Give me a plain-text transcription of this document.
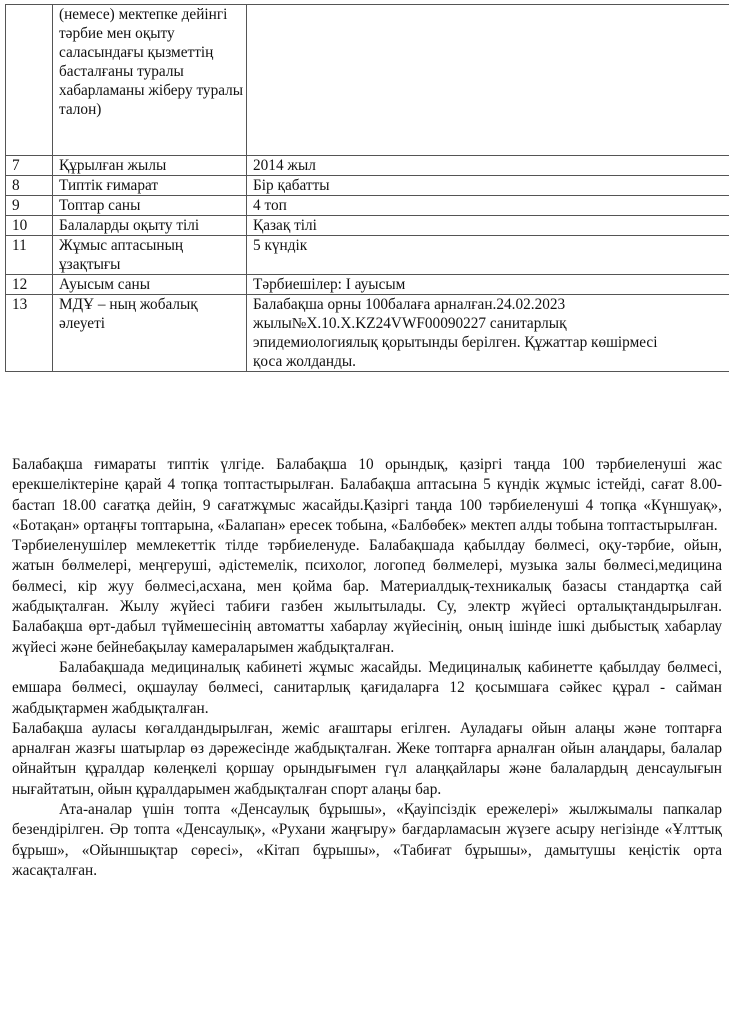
	(немесе) мектепке дейінгі тәрбие мен оқыту саласындағы қызметтің басталғаны туралы хабарламаны жіберу туралы талон)	
7	Құрылған жылы	2014 жыл
8	Типтік ғимарат	Бір қабатты
9	Топтар саны	4 топ
10	Балаларды оқыту тілі	Қазақ тілі
11	Жұмыс аптасының ұзақтығы	5 күндік
12	Ауысым саны	Тәрбиешілер: І ауысым
13	МДҰ – ның жобалық әлеуеті	Балабақша орны 100балаға арналған.24.02.2023 жылы№X.10.X.KZ24VWF00090227 санитарлық эпидемиологиялық қорытынды берілген. Құжаттар көшірмесі қоса жолданды.

Балабақша ғимараты типтік үлгіде. Балабақша 10 орындық, қазіргі таңда 100 тәрбиеленуші жас ерекшеліктеріне қарай 4 топқа топтастырылған. Балабақша аптасына 5 күндік жұмыс істейді, сағат 8.00-бастап 18.00 сағатқа дейін, 9 сағатжұмыс жасайды.Қазіргі таңда 100 тәрбиеленуші 4 топқа «Күншуақ», «Ботақан» ортаңғы топтарына, «Балапан» ересек тобына, «Балбөбек» мектеп алды тобына топтастырылған.

Тәрбиеленушілер мемлекеттік тілде тәрбиеленуде. Балабақшада қабылдау бөлмесі, оқу-тәрбие, ойын, жатын бөлмелері, меңгеруші, әдістемелік, психолог, логопед бөлмелері, музыка залы бөлмесі,медицина бөлмесі, кір жуу бөлмесі,асхана, мен қойма бар. Материалдық-техникалық базасы стандартқа сай жабдықталған. Жылу жүйесі табиғи газбен жылытылады. Су, электр жүйесі орталықтандырылған. Балабақша өрт-дабыл түймешесінің автоматты хабарлау жүйесінің, оның ішінде ішкі дыбыстық хабарлау жүйесі және бейнебақылау камераларымен жабдықталған.

Балабақшада медициналық кабинеті жұмыс жасайды. Медициналық кабинетте қабылдау бөлмесі, емшара бөлмесі, оқшаулау бөлмесі, санитарлық қағидаларға 12 қосымшаға сәйкес құрал - сайман жабдықтармен жабдықталған.

Балабақша ауласы көгалдандырылған, жеміс ағаштары егілген. Ауладағы ойын алаңы және топтарға арналған жазғы шатырлар өз дәрежесінде жабдықталған. Жеке топтарға арналған ойын алаңдары, балалар ойнайтын құралдар көлеңкелі қоршау орындығымен гүл алаңқайлары және балалардың денсаулығын нығайтатын, ойын құралдарымен жабдықталған спорт алаңы бар.

Ата-аналар үшін топта «Денсаулық бұрышы», «Қауіпсіздік ережелері» жылжымалы папкалар безендірілген. Әр топта «Денсаулық», «Рухани жаңғыру» бағдарламасын жүзеге асыру негізінде «Ұлттық бұрыш», «Ойыншықтар сөресі», «Кітап бұрышы», «Табиғат бұрышы», дамытушы кеңістік орта жасақталған.
